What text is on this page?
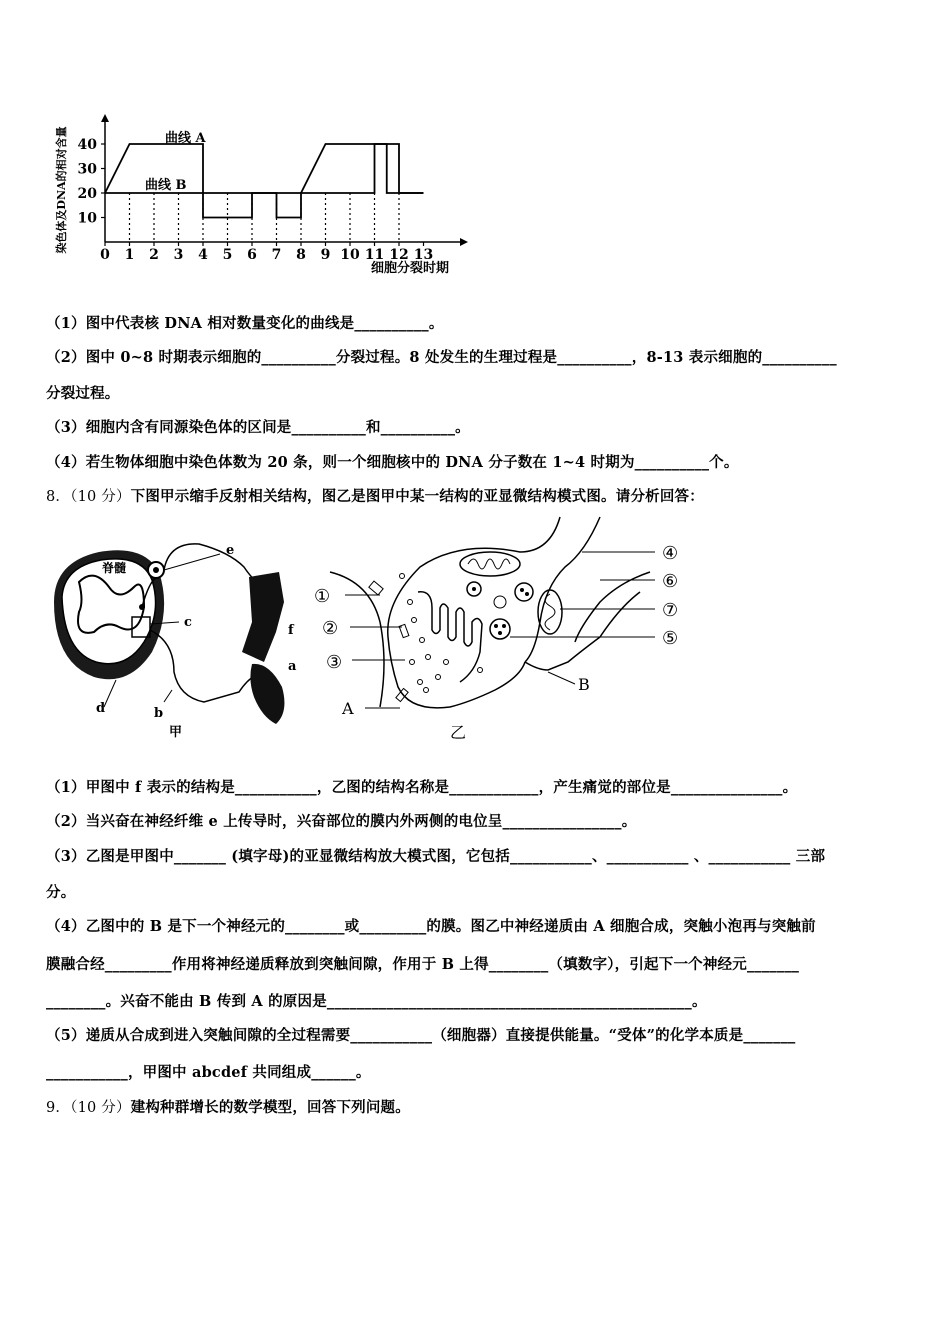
10
20
30
40
0 1 2 3 4 5 6 7 8 9 10 11 12 13
染色体及DNA的相对含量
细胞分裂时期
曲线 A
曲线 B
（1）图中代表核 DNA 相对数量变化的曲线是__________。
（2）图中 0~8 时期表示细胞的__________分裂过程。8 处发生的生理过程是__________，8-13 表示细胞的__________
分裂过程。
（3）细胞内含有同源染色体的区间是__________和__________。
（4）若生物体细胞中染色体数为 20 条，则一个细胞核中的 DNA 分子数在 1~4 时期为__________个。
8．（10 分）下图甲示缩手反射相关结构，图乙是图甲中某一结构的亚显微结构模式图。请分析回答：
脊髓
e
c
f
a
d	b
甲
①
②
③
A
④
⑥
⑦
⑤
B
乙
（1）甲图中 f 表示的结构是___________，乙图的结构名称是____________，产生痛觉的部位是_______________。
（2）当兴奋在神经纤维 e 上传导时，兴奋部位的膜内外两侧的电位呈________________。
（3）乙图是甲图中_______ (填字母)的亚显微结构放大模式图，它包括___________、___________ 、___________ 三部
分。
（4）乙图中的 B 是下一个神经元的________或_________的膜。图乙中神经递质由 A 细胞合成，突触小泡再与突触前
膜融合经_________作用将神经递质释放到突触间隙，作用于 B 上得________（填数字），引起下一个神经元_______
________。兴奋不能由 B 传到 A 的原因是_________________________________________________。
（5）递质从合成到进入突触间隙的全过程需要___________（细胞器）直接提供能量。“受体”的化学本质是_______
___________，甲图中 abcdef 共同组成______。
9．（10 分）建构种群增长的数学模型，回答下列问题。
